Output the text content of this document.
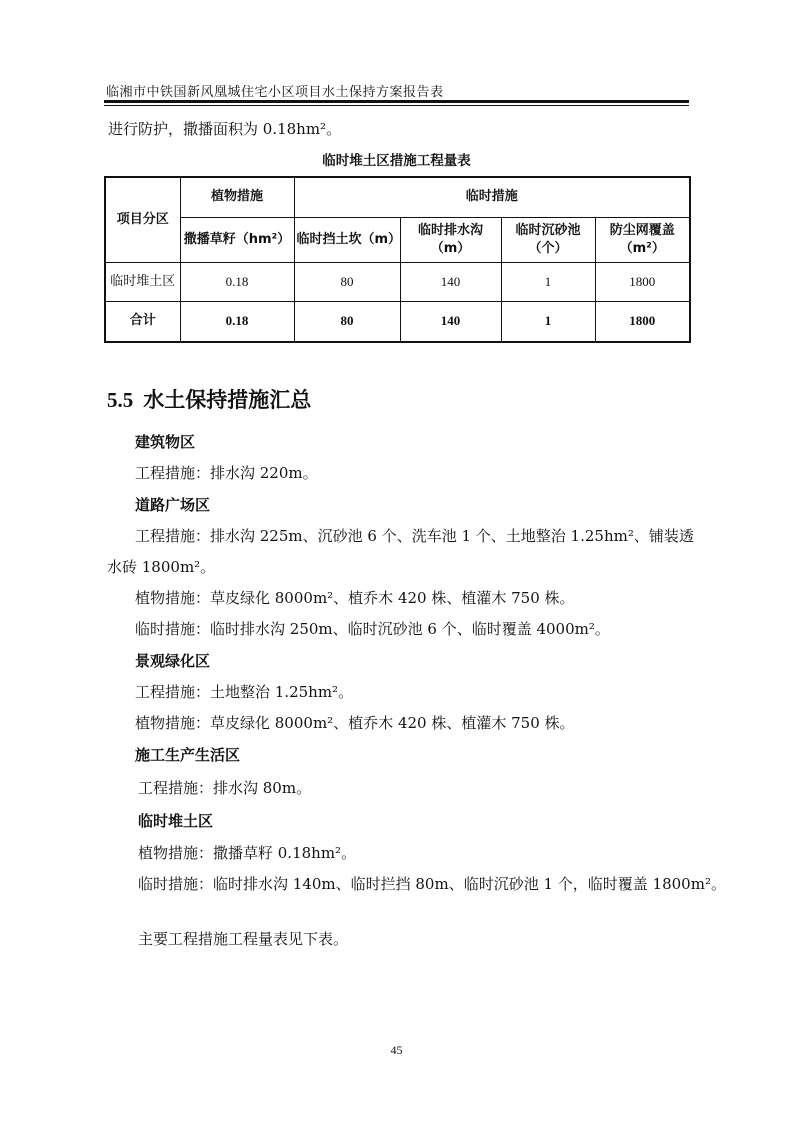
临湘市中铁国新风凰城住宅小区项目水土保持方案报告表
进行防护，撒播面积为 0.18hm²。
临时堆土区措施工程量表
项目分区	植物措施	临时措施			
	撒播草籽（hm²）	临时挡土坎（m）	临时排水沟（m）	临时沉砂池（个）	防尘网覆盖（m²）
临时堆土区	0.18	80	140	1	1800
合计	0.18	80	140	1	1800
5.5 水土保持措施汇总
建筑物区
工程措施：排水沟 220m。
道路广场区
工程措施：排水沟 225m、沉砂池 6 个、洗车池 1 个、土地整治 1.25hm²、铺装透
水砖 1800m²。
植物措施：草皮绿化 8000m²、植乔木 420 株、植灌木 750 株。
临时措施：临时排水沟 250m、临时沉砂池 6 个、临时覆盖 4000m²。
景观绿化区
工程措施：土地整治 1.25hm²。
植物措施：草皮绿化 8000m²、植乔木 420 株、植灌木 750 株。
施工生产生活区
工程措施：排水沟 80m。
临时堆土区
植物措施：撒播草籽 0.18hm²。
临时措施：临时排水沟 140m、临时拦挡 80m、临时沉砂池 1 个，临时覆盖 1800m²。
主要工程措施工程量表见下表。
45
